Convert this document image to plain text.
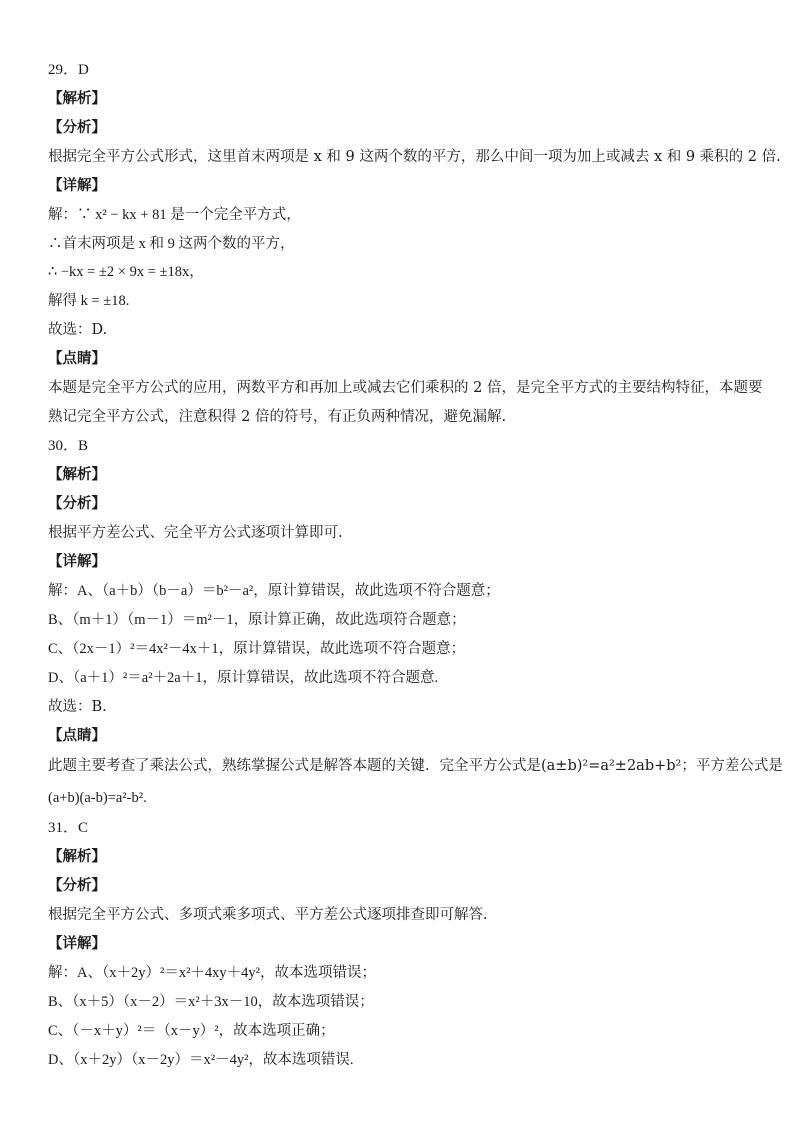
29．D
【解析】
【分析】
根据完全平方公式形式，这里首末两项是 x 和 9 这两个数的平方，那么中间一项为加上或减去 x 和 9 乘积的 2 倍.
【详解】
解：∵ x² − kx + 81 是一个完全平方式，
∴首末两项是 x 和 9 这两个数的平方，
∴ −kx = ±2 × 9x = ±18x，
解得 k = ±18.
故选：D.
【点睛】
本题是完全平方公式的应用，两数平方和再加上或减去它们乘积的 2 倍，是完全平方式的主要结构特征，本题要
熟记完全平方公式，注意积得 2 倍的符号，有正负两种情况，避免漏解.
30．B
【解析】
【分析】
根据平方差公式、完全平方公式逐项计算即可.
【详解】
解：A、（a＋b）（b－a）＝b²－a²，原计算错误，故此选项不符合题意；
B、（m＋1）（m－1）＝m²－1，原计算正确，故此选项符合题意；
C、（2x－1）²＝4x²－4x＋1，原计算错误，故此选项不符合题意；
D、（a＋1）²＝a²＋2a＋1，原计算错误，故此选项不符合题意.
故选：B.
【点睛】
此题主要考查了乘法公式，熟练掌握公式是解答本题的关键．完全平方公式是(a±b)²=a²±2ab+b²；平方差公式是
(a+b)(a-b)=a²-b².
31．C
【解析】
【分析】
根据完全平方公式、多项式乘多项式、平方差公式逐项排查即可解答.
【详解】
解：A、（x＋2y）²＝x²＋4xy＋4y²，故本选项错误；
B、（x＋5）（x－2）＝x²＋3x－10，故本选项错误；
C、（－x＋y）²＝（x－y）²，故本选项正确；
D、（x＋2y）（x－2y）＝x²－4y²，故本选项错误.
